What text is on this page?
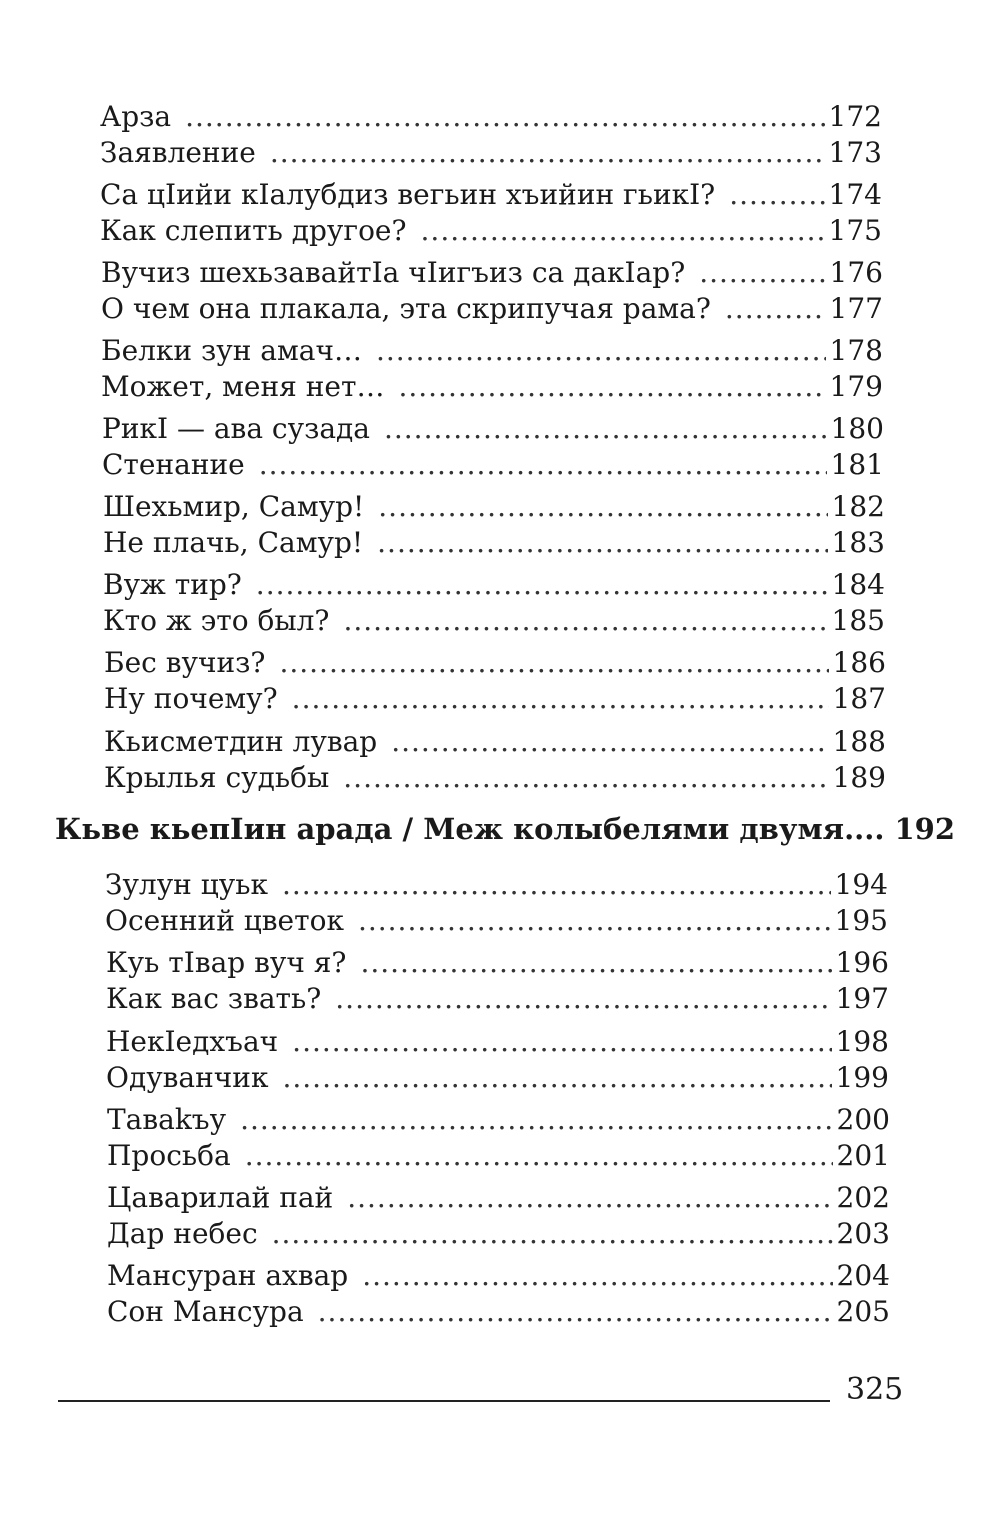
Арза .....	172
Заявление .....	173
Са цIийи кIалубдиз вегьин хъийин гьикI? .....	174
Как слепить другое? .....	175
Вучиз шехьзавайтIа чIигъиз са дакIар? .....	176
О чем она плакала, эта скрипучая рама? .....	177
Белки зун амач… .....	178
Может, меня нет… .....	179
РикI — ава сузада .....	180
Стенание .....	181
Шехьмир, Самур! .....	182
Не плачь, Самур! .....	183
Вуж тир? .....	184
Кто ж это был? .....	185
Бес вучиз? .....	186
Ну почему? .....	187
Кьисметдин лувар .....	188
Крылья судьбы .....	189
Кьве кьепIин арада / Меж колыбелями двумя.... 192
Зулун цуьк .....	194
Осенний цветок .....	195
Куь тIвар вуч я? .....	196
Как вас звать? .....	197
НекIедхъач .....	198
Одуванчик .....	199
Таваkъу .....	200
Просьба .....	201
Цаварилай пай .....	202
Дар небес .....	203
Мансуран ахвар .....	204
Сон Мансура .....	205
325
